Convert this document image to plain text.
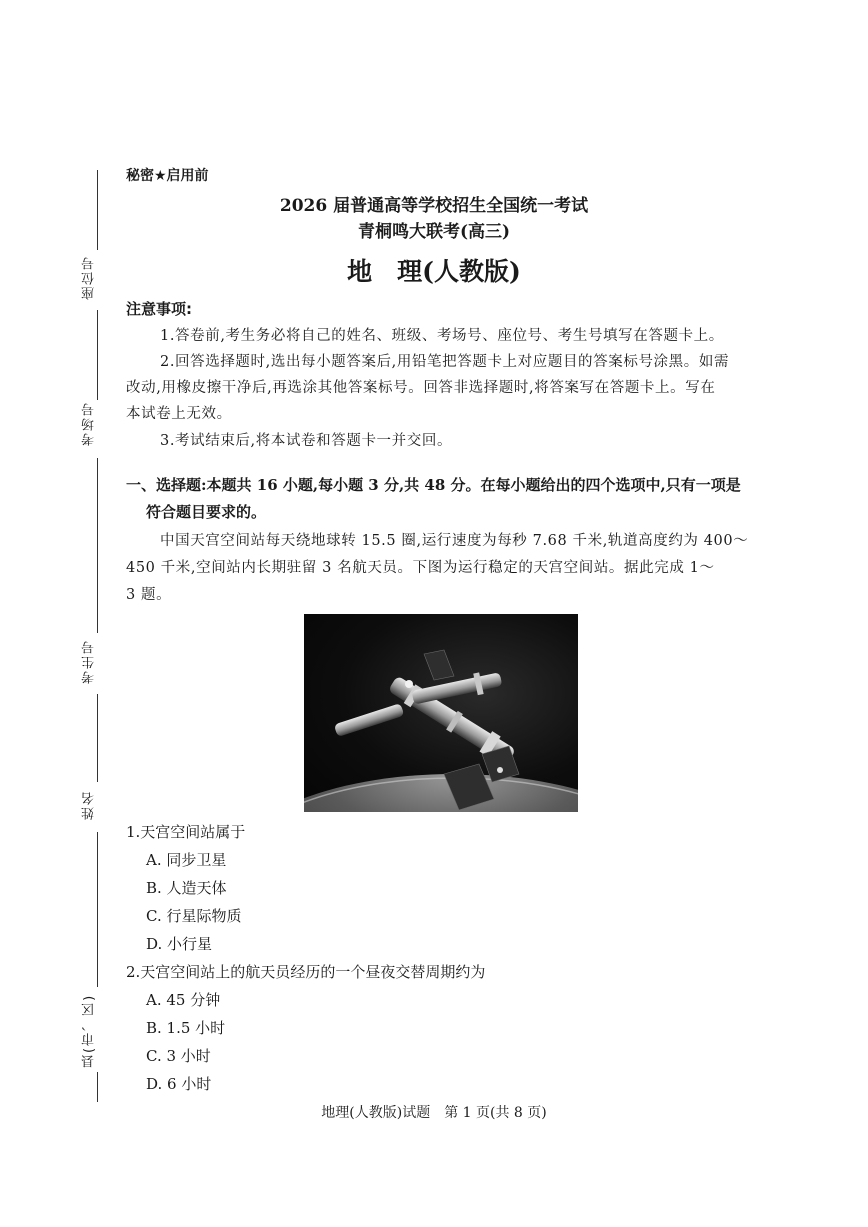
座位号
考场号
考生号
姓名
县(市、区)
秘密★启用前
2026 届普通高等学校招生全国统一考试
青桐鸣大联考(高三)
地　理(人教版)
注意事项:
1.答卷前,考生务必将自己的姓名、班级、考场号、座位号、考生号填写在答题卡上。
2.回答选择题时,选出每小题答案后,用铅笔把答题卡上对应题目的答案标号涂黑。如需
改动,用橡皮擦干净后,再选涂其他答案标号。回答非选择题时,将答案写在答题卡上。写在
本试卷上无效。
3.考试结束后,将本试卷和答题卡一并交回。
一、选择题:本题共 16 小题,每小题 3 分,共 48 分。在每小题给出的四个选项中,只有一项是
符合题目要求的。
中国天宫空间站每天绕地球转 15.5 圈,运行速度为每秒 7.68 千米,轨道高度约为 400～
450 千米,空间站内长期驻留 3 名航天员。下图为运行稳定的天宫空间站。据此完成 1～
3 题。
1.天宫空间站属于
A. 同步卫星
B. 人造天体
C. 行星际物质
D. 小行星
2.天宫空间站上的航天员经历的一个昼夜交替周期约为
A. 45 分钟
B. 1.5 小时
C. 3 小时
D. 6 小时
地理(人教版)试题　第 1 页(共 8 页)
